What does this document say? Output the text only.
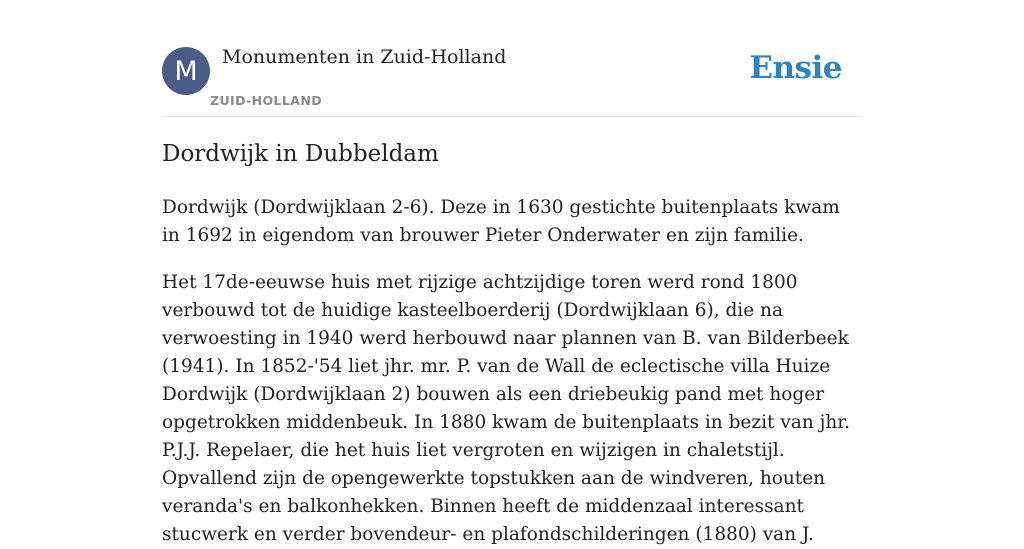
M	Monumenten in Zuid-Holland
ZUID-HOLLAND
Ensie
Dordwijk in Dubbeldam

Dordwijk (Dordwijklaan 2-6). Deze in 1630 gestichte buitenplaats kwam in 1692 in eigendom van brouwer Pieter Onderwater en zijn familie.

Het 17de-eeuwse huis met rijzige achtzijdige toren werd rond 1800 verbouwd tot de huidige kasteelboerderij (Dordwijklaan 6), die na verwoesting in 1940 werd herbouwd naar plannen van B. van Bilderbeek (1941). In 1852-'54 liet jhr. mr. P. van de Wall de eclectische villa Huize Dordwijk (Dordwijklaan 2) bouwen als een driebeukig pand met hoger opgetrokken middenbeuk. In 1880 kwam de buitenplaats in bezit van jhr. P.J.J. Repelaer, die het huis liet vergroten en wijzigen in chaletstijl. Opvallend zijn de opengewerkte topstukken aan de windveren, houten veranda's en balkonhekken. Binnen heeft de middenzaal interessant stucwerk en verder bovendeur- en plafondschilderingen (1880) van J.
